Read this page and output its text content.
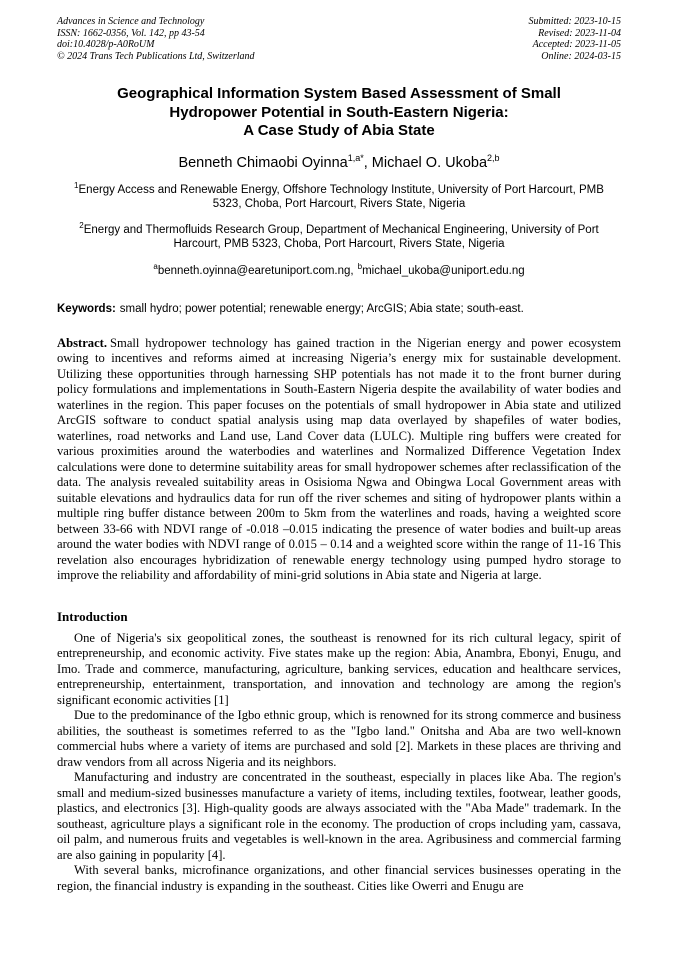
Advances in Science and Technology
ISSN: 1662-0356, Vol. 142, pp 43-54
doi:10.4028/p-A0RoUM
© 2024 Trans Tech Publications Ltd, Switzerland
Submitted: 2023-10-15
Revised: 2023-11-04
Accepted: 2023-11-05
Online: 2024-03-15
Geographical Information System Based Assessment of Small
Hydropower Potential in South-Eastern Nigeria:
A Case Study of Abia State
Benneth Chimaobi Oyinna$^{1,a*}$, Michael O. Ukoba$^{2,b}$

$^1$Energy Access and Renewable Energy, Offshore Technology Institute, University of Port Harcourt, PMB 5323, Choba, Port Harcourt, Rivers State, Nigeria

$^2$Energy and Thermofluids Research Group, Department of Mechanical Engineering, University of Port Harcourt, PMB 5323, Choba, Port Harcourt, Rivers State, Nigeria

$^a$benneth.oyinna@earetuniport.com.ng, $^b$michael_ukoba@uniport.edu.ng

Keywords: small hydro; power potential; renewable energy; ArcGIS; Abia state; south-east.

Abstract. Small hydropower technology has gained traction in the Nigerian energy and power ecosystem owing to incentives and reforms aimed at increasing Nigeria’s energy mix for sustainable development. Utilizing these opportunities through harnessing SHP potentials has not made it to the front burner during policy formulations and implementations in South-Eastern Nigeria despite the availability of water bodies and waterlines in the region. This paper focuses on the potentials of small hydropower in Abia state and utilized ArcGIS software to conduct spatial analysis using map data overlayed by shapefiles of water bodies, waterlines, road networks and Land use, Land Cover data (LULC). Multiple ring buffers were created for various proximities around the waterbodies and waterlines and Normalized Difference Vegetation Index calculations were done to determine suitability areas for small hydropower schemes after reclassification of the data. The analysis revealed suitability areas in Osisioma Ngwa and Obingwa Local Government areas with suitable elevations and hydraulics data for run off the river schemes and siting of hydropower plants within a multiple ring buffer distance between 200m to 5km from the waterlines and roads, having a weighted score between 33-66 with NDVI range of -0.018 –0.015 indicating the presence of water bodies and built-up areas around the water bodies with NDVI range of 0.015 – 0.14 and a weighted score within the range of 11-16 This revelation also encourages hybridization of renewable energy technology using pumped hydro storage to improve the reliability and affordability of mini-grid solutions in Abia state and Nigeria at large.

Introduction

One of Nigeria's six geopolitical zones, the southeast is renowned for its rich cultural legacy, spirit of entrepreneurship, and economic activity. Five states make up the region: Abia, Anambra, Ebonyi, Enugu, and Imo. Trade and commerce, manufacturing, agriculture, banking services, education and healthcare services, entrepreneurship, entertainment, transportation, and innovation and technology are among the region's significant economic activities [1]

Due to the predominance of the Igbo ethnic group, which is renowned for its strong commerce and business abilities, the southeast is sometimes referred to as the "Igbo land." Onitsha and Aba are two well-known commercial hubs where a variety of items are purchased and sold [2]. Markets in these places are thriving and draw vendors from all across Nigeria and its neighbors.

Manufacturing and industry are concentrated in the southeast, especially in places like Aba. The region's small and medium-sized businesses manufacture a variety of items, including textiles, footwear, leather goods, plastics, and electronics [3]. High-quality goods are always associated with the "Aba Made" trademark. In the southeast, agriculture plays a significant role in the economy. The production of crops including yam, cassava, oil palm, and numerous fruits and vegetables is well-known in the area. Agribusiness and commercial farming are also gaining in popularity [4].

With several banks, microfinance organizations, and other financial services businesses operating in the region, the financial industry is expanding in the southeast. Cities like Owerri and Enugu are
